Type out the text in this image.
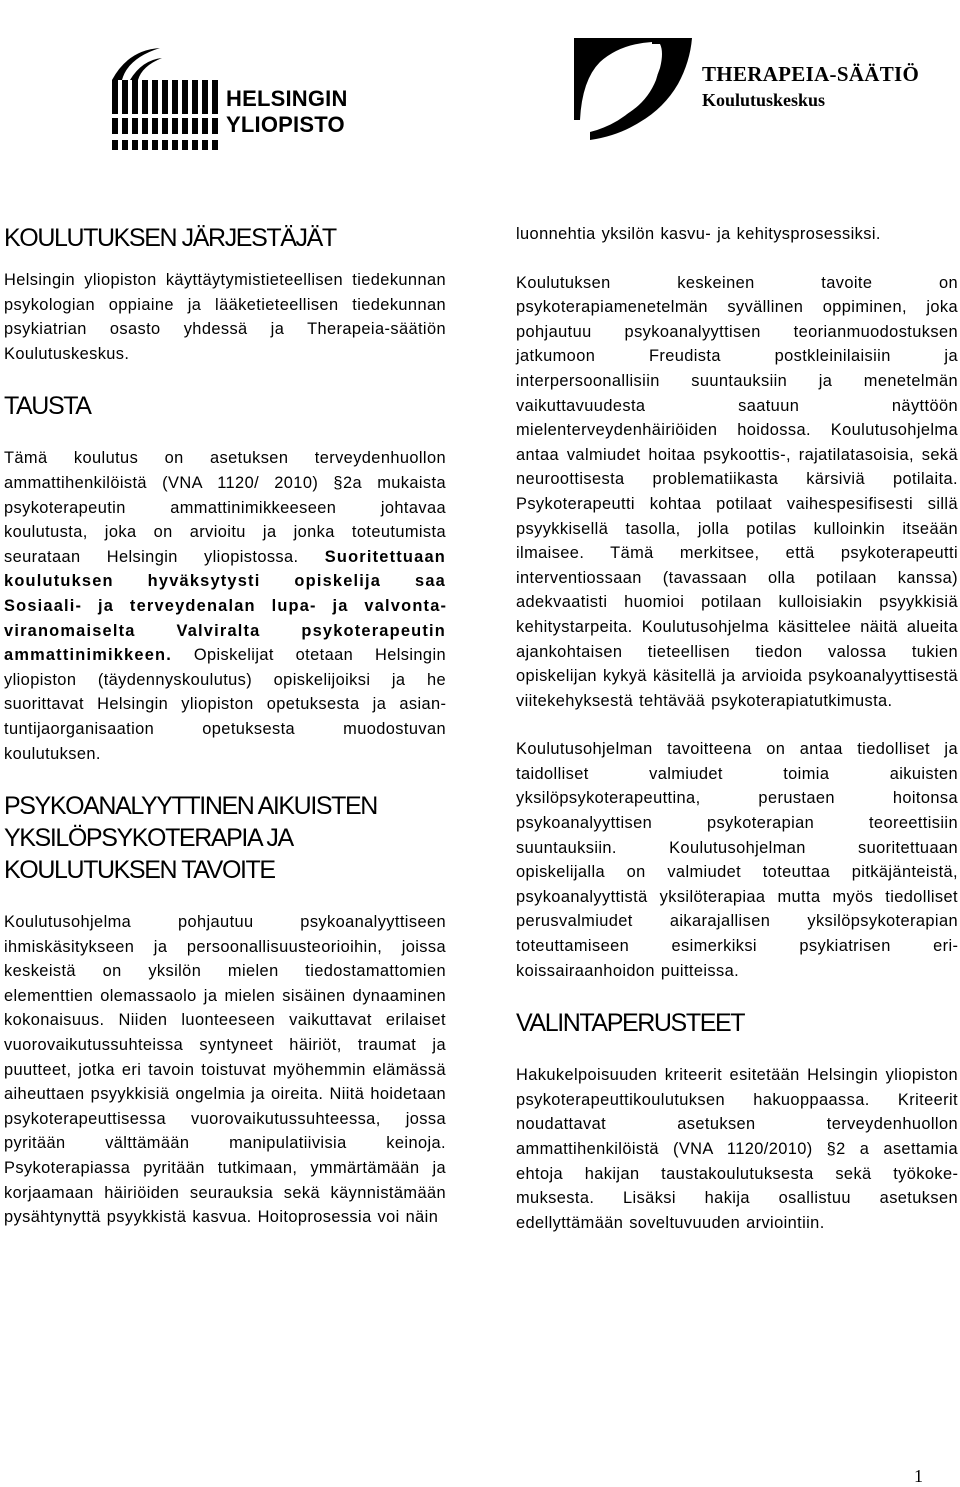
HELSINGIN YLIOPISTO
THERAPEIA-SÄÄTIÖ
Koulutuskeskus
KOULUTUKSEN JÄRJESTÄJÄT

Helsingin yliopiston käyttäytymistieteellisen tiedekunnan psykologian oppiaine ja lääketieteellisen tiedekunnan psykiatrian osasto yhdessä ja Therapeia-säätiön Koulutuskeskus.

TAUSTA

Tämä koulutus on asetuksen terveydenhuollon ammattihenkilöistä (VNA 1120/ 2010) §2a mukaista psykoterapeutin ammattinimikkeeseen johtavaa koulutusta, joka on arvioitu ja jonka toteutumista seurataan Helsingin yliopistossa. Suoritettuaan koulutuksen hyväksytysti opiskelija saa Sosiaali- ja terveydenalan lupa- ja valvontaviranomaiselta Valviralta psykoterapeutin ammattinimikkeen. Opiskelijat otetaan Helsingin yliopiston (täydennyskoulutus) opiskelijoiksi ja he suorittavat Helsingin yliopiston opetuksesta ja asiantuntijaorganisaation opetuksesta muodostuvan koulutuksen.

PSYKOANALYYTTINEN AIKUISTEN
YKSILÖPSYKOTERAPIA JA
KOULUTUKSEN TAVOITE

Koulutusohjelma pohjautuu psykoanalyyttiseen ihmiskäsitykseen ja persoonallisuusteorioihin, joissa keskeistä on yksilön mielen tiedostamattomien elementtien olemassaolo ja mielen sisäinen dynaaminen kokonaisuus. Niiden luonteeseen vaikuttavat erilaiset vuorovaikutussuhteissa syntyneet häiriöt, traumat ja puutteet, jotka eri tavoin toistuvat myöhemmin elämässä aiheuttaen psyykkisiä ongelmia ja oireita. Niitä hoidetaan psykoterapeuttisessa vuorovaikutussuhteessa, jossa pyritään välttämään manipulatiivisia keinoja. Psykoterapiassa pyritään tutkimaan, ymmärtämään ja korjaamaan häiriöiden seurauksia sekä käynnistämään pysähtynyttä psyykkistä kasvua. Hoitoprosessia voi näin

luonnehtia yksilön kasvu- ja kehitysprosessiksi.

Koulutuksen keskeinen tavoite on psykoterapiamenetelmän syvällinen oppiminen, joka pohjautuu psykoanalyyttisen teorianmuodostuksen jatkumoon Freudista postkleinilaisiin ja interpersoonallisiin suuntauksiin ja menetelmän vaikuttavuudesta saatuun näyttöön mielenterveydenhäiriöiden hoidossa. Koulutusohjelma antaa valmiudet hoitaa psykoottis-, rajatilatasoisia, sekä neuroottisesta problematiikasta kärsiviä potilaita. Psykoterapeutti kohtaa potilaat vaihespesifisesti sillä psyykkisellä tasolla, jolla potilas kulloinkin itseään ilmaisee. Tämä merkitsee, että psykoterapeutti interventiossaan (tavassaan olla potilaan kanssa) adekvaatisti huomioi potilaan kulloisiakin psyykkisiä kehitystarpeita. Koulutusohjelma käsittelee näitä alueita ajankohtaisen tieteellisen tiedon valossa tukien opiskelijan kykyä käsitellä ja arvioida psykoanalyyttisestä viitekehyksestä tehtävää psykoterapiatutkimusta.

Koulutusohjelman tavoitteena on antaa tiedolliset ja taidolliset valmiudet toimia aikuisten yksilöpsykoterapeuttina, perustaen hoitonsa psykoanalyyttisen psykoterapian teoreettisiin suuntauksiin. Koulutusohjelman suoritettuaan opiskelijalla on valmiudet toteuttaa pitkäjänteistä, psykoanalyyttistä yksilöterapiaa mutta myös tiedolliset perusvalmiudet aikarajallisen yksilöpsykoterapian toteuttamiseen esimerkiksi psykiatrisen erikoissairaanhoidon puitteissa.

VALINTAPERUSTEET

Hakukelpoisuuden kriteerit esitetään Helsingin yliopiston psykoterapeuttikoulutuksen hakuoppaassa. Kriteerit noudattavat asetuksen terveydenhuollon ammattihenkilöistä (VNA 1120/2010) §2 a asettamia ehtoja hakijan taustakoulutuksesta sekä työkokemuksesta. Lisäksi hakija osallistuu asetuksen edellyttämään soveltuvuuden arviointiin.

1
